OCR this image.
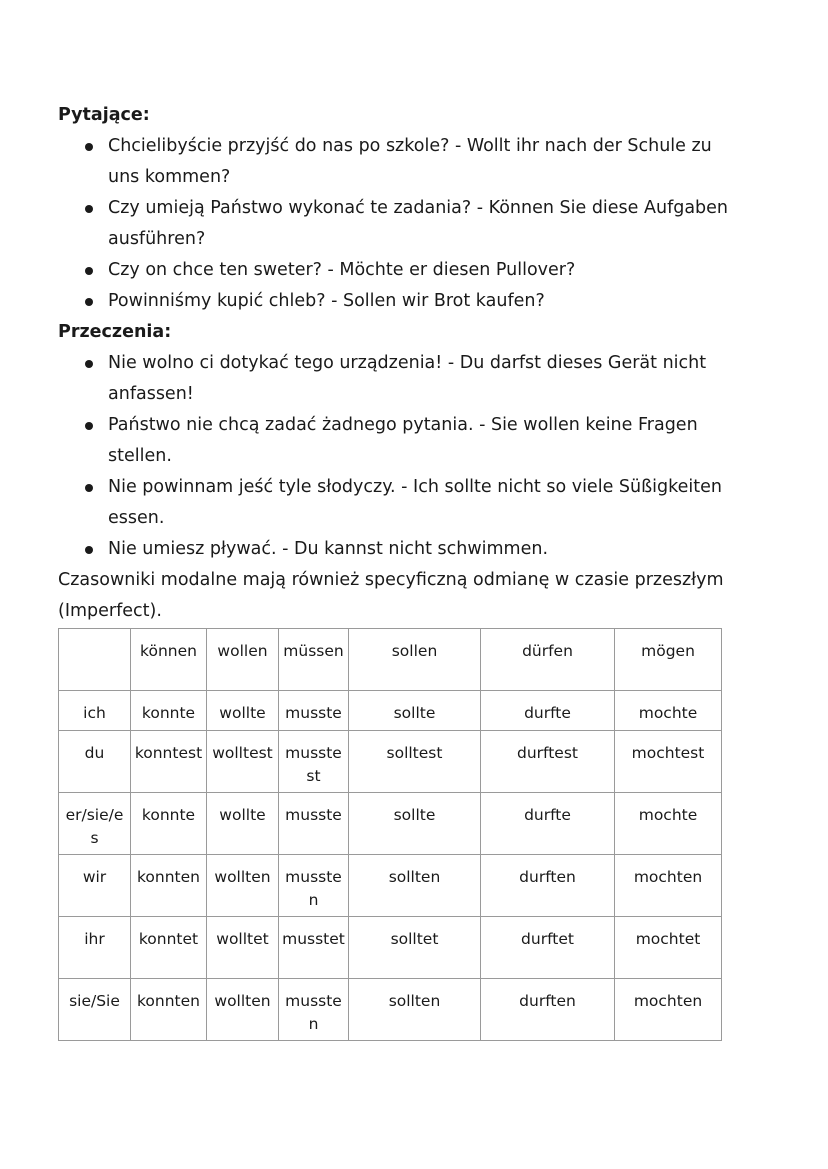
Pytające:

Chcielibyście przyjść do nas po szkole? - Wollt ihr nach der Schule zu uns kommen?
Czy umieją Państwo wykonać te zadania? - Können Sie diese Aufgaben ausführen?
Czy on chce ten sweter? - Möchte er diesen Pullover?
Powinniśmy kupić chleb? - Sollen wir Brot kaufen?

Przeczenia:

Nie wolno ci dotykać tego urządzenia! - Du darfst dieses Gerät nicht anfassen!
Państwo nie chcą zadać żadnego pytania. - Sie wollen keine Fragen stellen.
Nie powinnam jeść tyle słodyczy. - Ich sollte nicht so viele Süßigkeiten essen.
Nie umiesz pływać. - Du kannst nicht schwimmen.

Czasowniki modalne mają również specyficzną odmianę w czasie przeszłym (Imperfect).

	können	wollen	müssen	sollen	dürfen	mögen
ich	konnte	wollte	musste	sollte	durfte	mochte
du	konntest	wolltest	musstest	solltest	durftest	mochtest
er/sie/es	konnte	wollte	musste	sollte	durfte	mochte
wir	konnten	wollten	mussten	sollten	durften	mochten
ihr	konntet	wolltet	musstet	solltet	durftet	mochtet
sie/Sie	konnten	wollten	mussten	sollten	durften	mochten
